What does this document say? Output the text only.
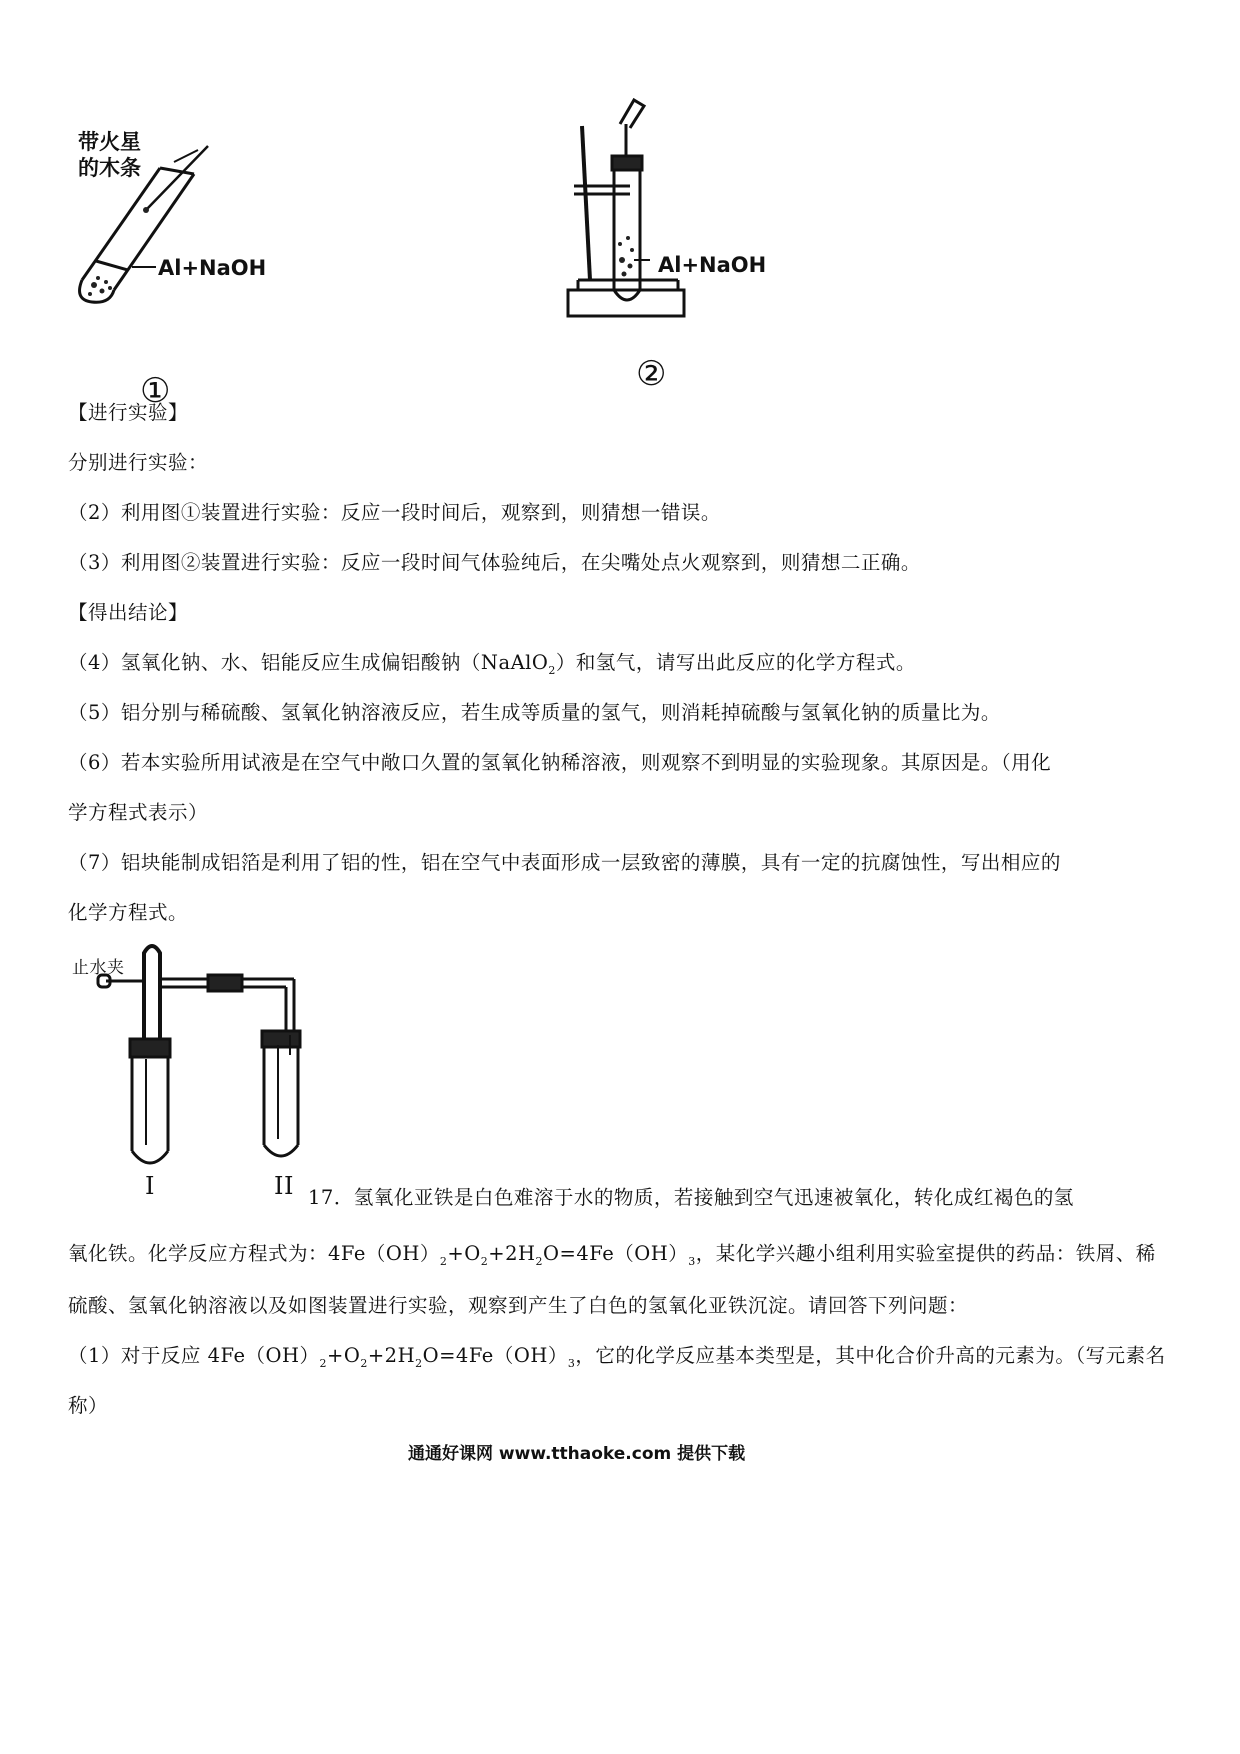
带火星
的木条
Al+NaOH
①
Al+NaOH
②
【进行实验】
分别进行实验：
（2）利用图①装置进行实验：反应一段时间后，观察到，则猜想一错误。
（3）利用图②装置进行实验：反应一段时间气体验纯后，在尖嘴处点火观察到，则猜想二正确。
【得出结论】
（4）氢氧化钠、水、铝能反应生成偏铝酸钠（NaAlO$_2$）和氢气，请写出此反应的化学方程式。
（5）铝分别与稀硫酸、氢氧化钠溶液反应，若生成等质量的氢气，则消耗掉硫酸与氢氧化钠的质量比为。
（6）若本实验所用试液是在空气中敞口久置的氢氧化钠稀溶液，则观察不到明显的实验现象。其原因是。（用化
学方程式表示）
（7）铝块能制成铝箔是利用了铝的性，铝在空气中表面形成一层致密的薄膜，具有一定的抗腐蚀性，写出相应的
化学方程式。
止水夹
I	II 17．氢氧化亚铁是白色难溶于水的物质，若接触到空气迅速被氧化，转化成红褐色的氢
氧化铁。化学反应方程式为：$4Fe(OH)_2+O_2+2H_2O=4Fe(OH)_3$，某化学兴趣小组利用实验室提供的药品：铁屑、稀
硫酸、氢氧化钠溶液以及如图装置进行实验，观察到产生了白色的氢氧化亚铁沉淀。请回答下列问题：
（1）对于反应 $4Fe(OH)_2+O_2+2H_2O=4Fe(OH)_3$，它的化学反应基本类型是，其中化合价升高的元素为。（写元素名
称）
通通好课网 www.tthaoke.com 提供下载
